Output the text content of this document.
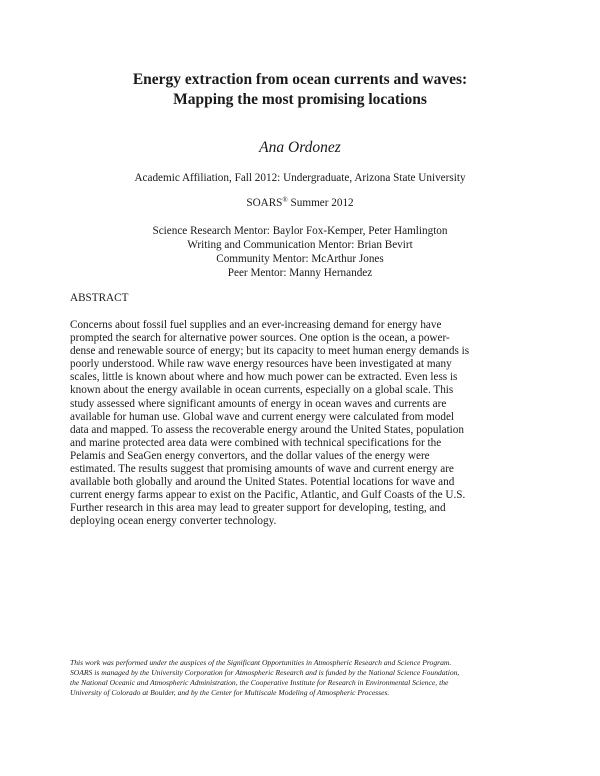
Energy extraction from ocean currents and waves:
Mapping the most promising locations
Ana Ordonez
Academic Affiliation, Fall 2012: Undergraduate, Arizona State University
SOARS® Summer 2012
Science Research Mentor: Baylor Fox-Kemper, Peter Hamlington
Writing and Communication Mentor: Brian Bevirt
Community Mentor: McArthur Jones
Peer Mentor: Manny Hernandez
ABSTRACT
Concerns about fossil fuel supplies and an ever-increasing demand for energy have
prompted the search for alternative power sources. One option is the ocean, a power-
dense and renewable source of energy; but its capacity to meet human energy demands is
poorly understood. While raw wave energy resources have been investigated at many
scales, little is known about where and how much power can be extracted. Even less is
known about the energy available in ocean currents, especially on a global scale. This
study assessed where significant amounts of energy in ocean waves and currents are
available for human use. Global wave and current energy were calculated from model
data and mapped. To assess the recoverable energy around the United States, population
and marine protected area data were combined with technical specifications for the
Pelamis and SeaGen energy convertors, and the dollar values of the energy were
estimated. The results suggest that promising amounts of wave and current energy are
available both globally and around the United States. Potential locations for wave and
current energy farms appear to exist on the Pacific, Atlantic, and Gulf Coasts of the U.S.
Further research in this area may lead to greater support for developing, testing, and
deploying ocean energy converter technology.
This work was performed under the auspices of the Significant Opportunities in Atmospheric Research and Science Program.
SOARS is managed by the University Corporation for Atmospheric Research and is funded by the National Science Foundation,
the National Oceanic and Atmospheric Administration, the Cooperative Institute for Research in Environmental Science, the
University of Colorado at Boulder, and by the Center for Multiscale Modeling of Atmospheric Processes.
